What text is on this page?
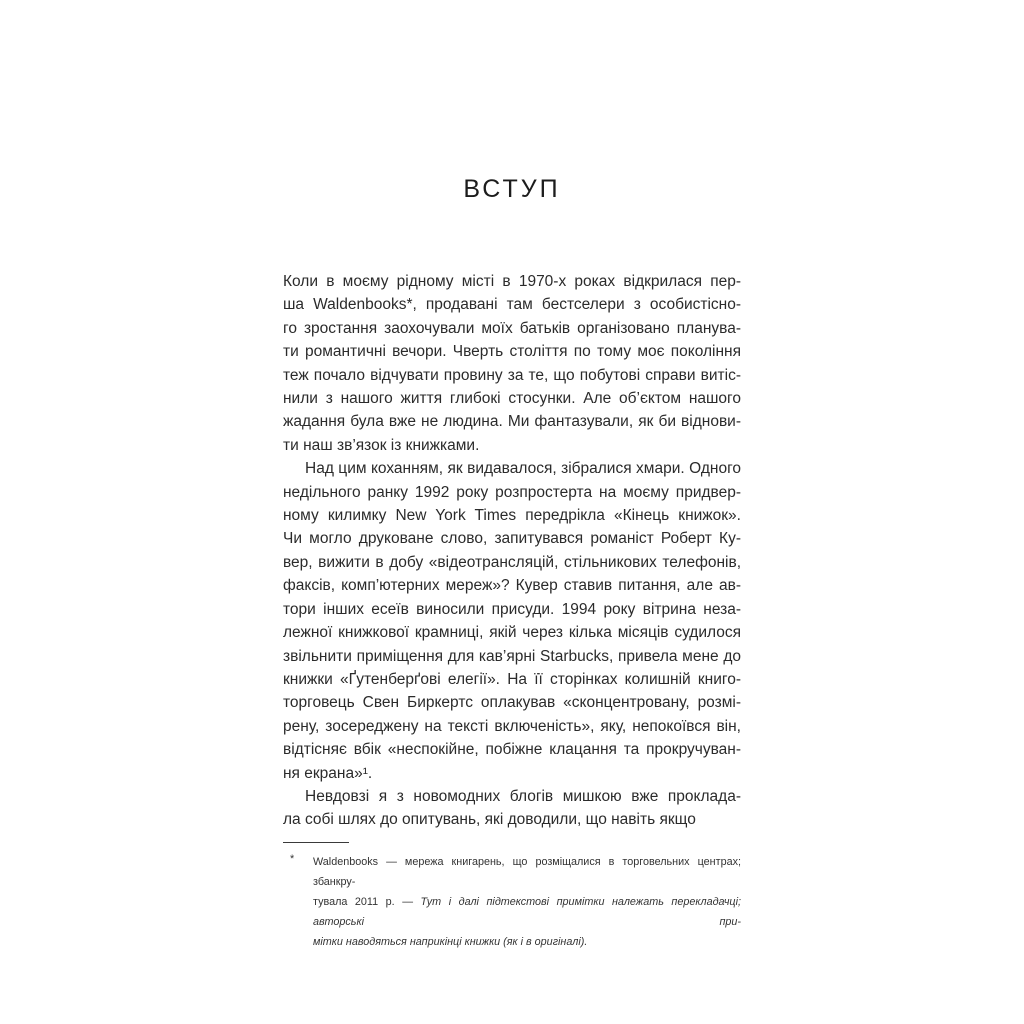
ВСТУП
Коли в моєму рідному місті в 1970-х роках відкрилася пер-
ша Waldenbooks*, продавані там бестселери з особистісно-
го зростання заохочували моїх батьків організовано планува-
ти романтичні вечори. Чверть століття по тому моє покоління
теж почало відчувати провину за те, що побутові справи витіс-
нили з нашого життя глибокі стосунки. Але об’єктом нашого
жадання була вже не людина. Ми фантазували, як би віднови-
ти наш зв’язок із книжками.
Над цим коханням, як видавалося, зібралися хмари. Одного
недільного ранку 1992 року розпростерта на моєму придвер-
ному килимку New York Times передрікла «Кінець книжок».
Чи могло друковане слово, запитувався романіст Роберт Ку-
вер, вижити в добу «відеотрансляцій, стільникових телефонів,
факсів, комп’ютерних мереж»? Кувер ставив питання, але ав-
тори інших есеїв виносили присуди. 1994 року вітрина неза-
лежної книжкової крамниці, якій через кілька місяців судилося
звільнити приміщення для кав’ярні Starbucks, привела мене до
книжки «Ґутенберґові елегії». На її сторінках колишній книго-
торговець Свен Биркертс оплакував «сконцентровану, розмі-
рену, зосереджену на тексті включеність», яку, непокоївся він,
відтісняє вбік «неспокійне, побіжне клацання та прокручуван-
ня екрана»¹.
Невдовзі я з новомодних блогів мишкою вже проклада-
ла собі шлях до опитувань, які доводили, що навіть якщо
* Waldenbooks — мережа книгарень, що розміщалися в торговельних центрах; збанкру-
тувала 2011 р. — Тут і далі підтекстові примітки належать перекладачці; авторські при-
мітки наводяться наприкінці книжки (як і в оригіналі).
